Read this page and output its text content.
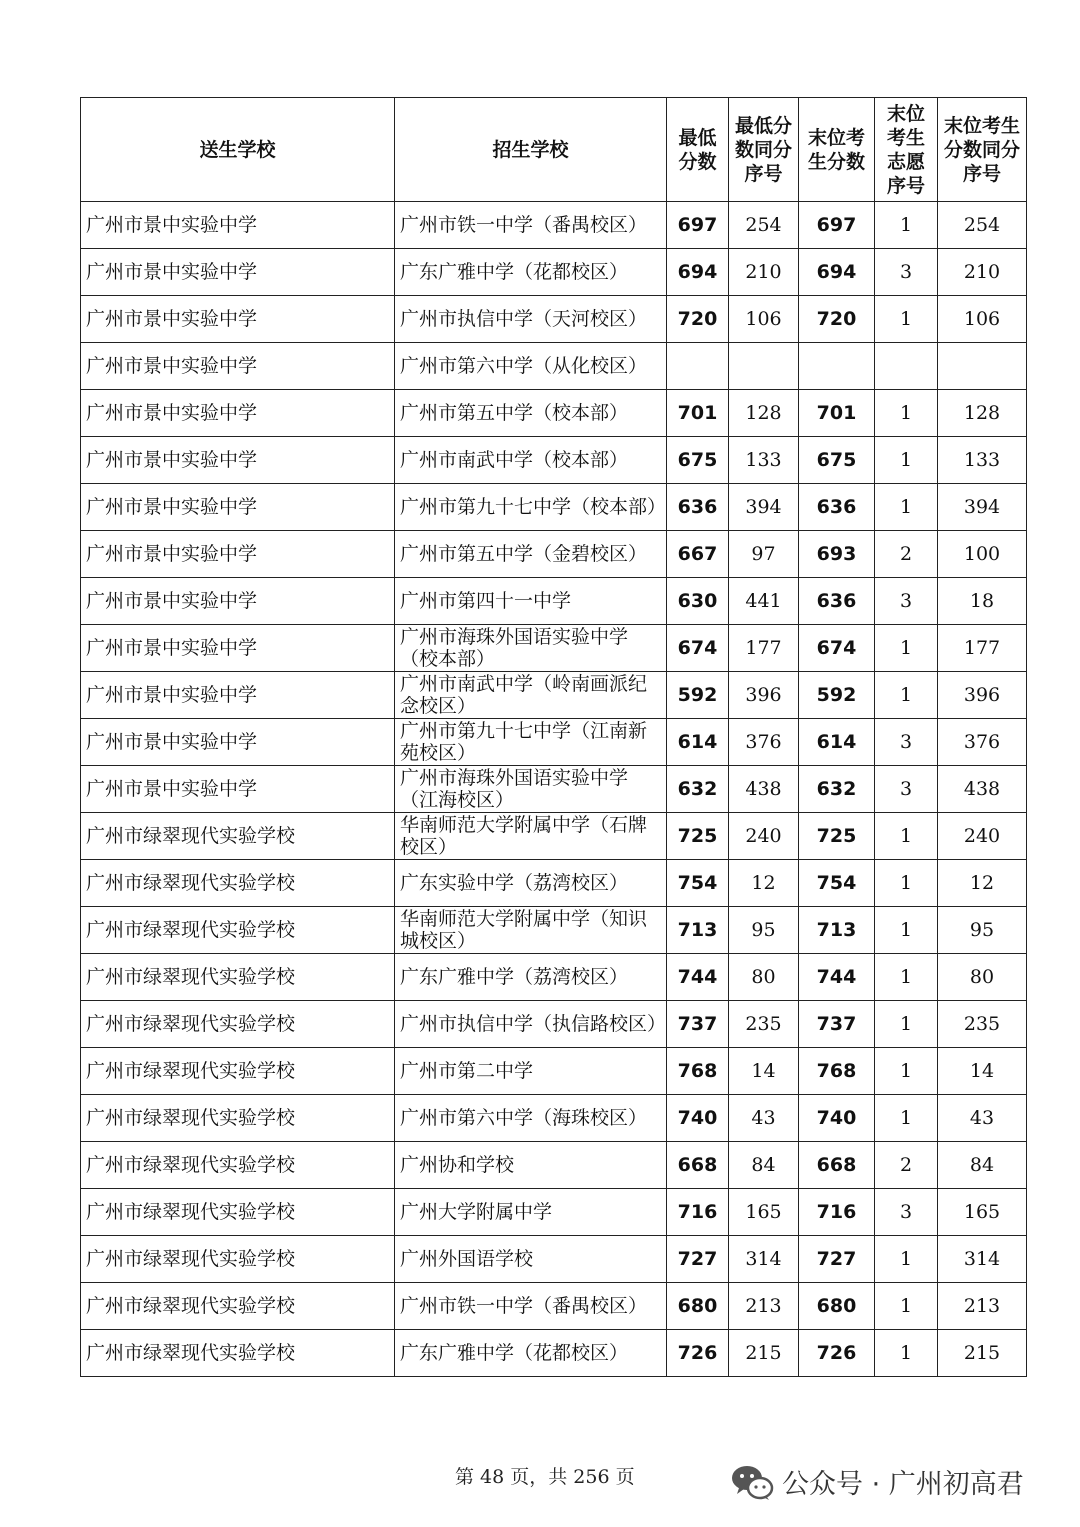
送生学校	招生学校	最低分数	最低分数同分序号	末位考生分数	末位考生志愿序号	末位考生分数同分序号
广州市景中实验中学	广州市铁一中学（番禺校区）	697	254	697	1	254
广州市景中实验中学	广东广雅中学（花都校区）	694	210	694	3	210
广州市景中实验中学	广州市执信中学（天河校区）	720	106	720	1	106
广州市景中实验中学	广州市第六中学（从化校区）					
广州市景中实验中学	广州市第五中学（校本部）	701	128	701	1	128
广州市景中实验中学	广州市南武中学（校本部）	675	133	675	1	133
广州市景中实验中学	广州市第九十七中学（校本部）	636	394	636	1	394
广州市景中实验中学	广州市第五中学（金碧校区）	667	97	693	2	100
广州市景中实验中学	广州市第四十一中学	630	441	636	3	18
广州市景中实验中学	广州市海珠外国语实验中学（校本部）	674	177	674	1	177
广州市景中实验中学	广州市南武中学（岭南画派纪念校区）	592	396	592	1	396
广州市景中实验中学	广州市第九十七中学（江南新苑校区）	614	376	614	3	376
广州市景中实验中学	广州市海珠外国语实验中学（江海校区）	632	438	632	3	438
广州市绿翠现代实验学校	华南师范大学附属中学（石牌校区）	725	240	725	1	240
广州市绿翠现代实验学校	广东实验中学（荔湾校区）	754	12	754	1	12
广州市绿翠现代实验学校	华南师范大学附属中学（知识城校区）	713	95	713	1	95
广州市绿翠现代实验学校	广东广雅中学（荔湾校区）	744	80	744	1	80
广州市绿翠现代实验学校	广州市执信中学（执信路校区）	737	235	737	1	235
广州市绿翠现代实验学校	广州市第二中学	768	14	768	1	14
广州市绿翠现代实验学校	广州市第六中学（海珠校区）	740	43	740	1	43
广州市绿翠现代实验学校	广州协和学校	668	84	668	2	84
广州市绿翠现代实验学校	广州大学附属中学	716	165	716	3	165
广州市绿翠现代实验学校	广州外国语学校	727	314	727	1	314
广州市绿翠现代实验学校	广州市铁一中学（番禺校区）	680	213	680	1	213
广州市绿翠现代实验学校	广东广雅中学（花都校区）	726	215	726	1	215
第 48 页，共 256 页	公众号 · 广州初高君
